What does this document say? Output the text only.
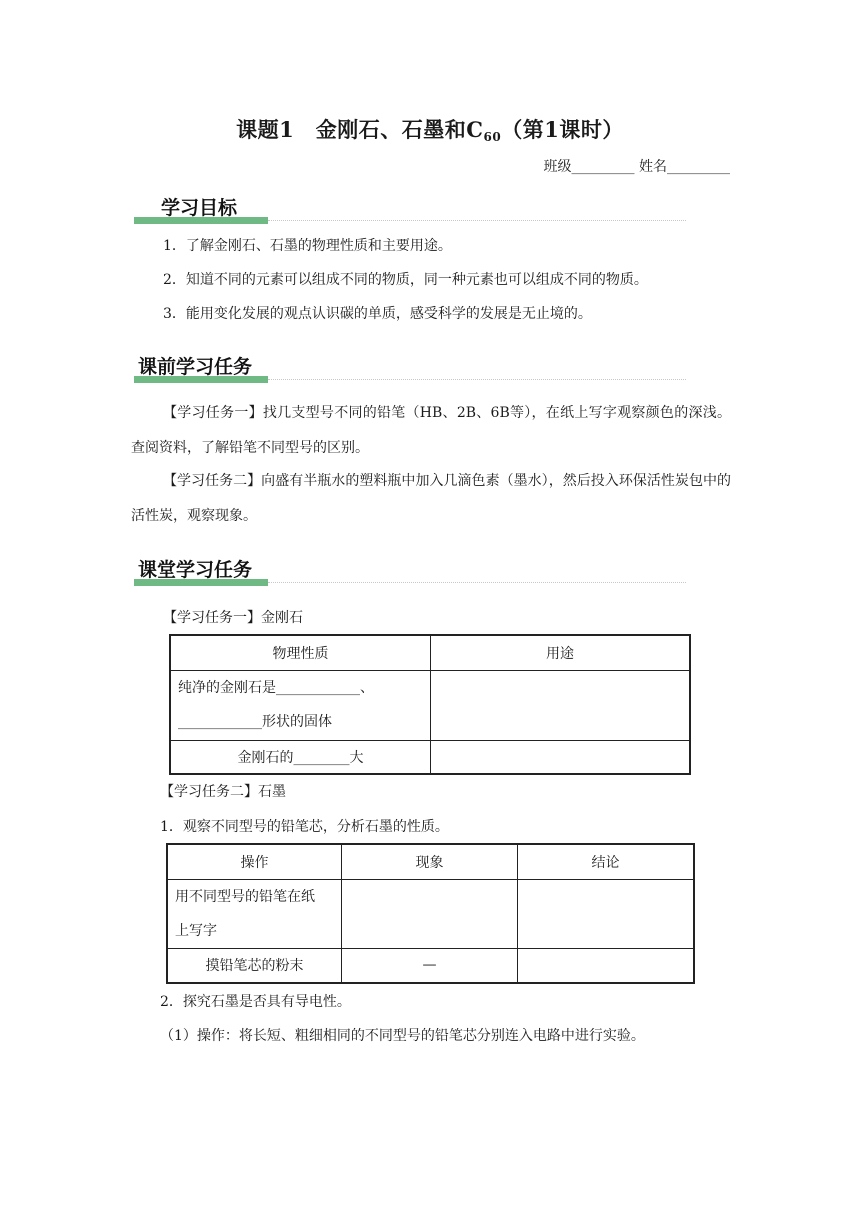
课题1　金刚石、石墨和$C_{60}$（第1课时）
班级_________ 姓名_________
学习目标
1．了解金刚石、石墨的物理性质和主要用途。
2．知道不同的元素可以组成不同的物质，同一种元素也可以组成不同的物质。
3．能用变化发展的观点认识碳的单质，感受科学的发展是无止境的。
课前学习任务
【学习任务一】找几支型号不同的铅笔（HB、2B、6B等），在纸上写字观察颜色的深浅。查阅资料，了解铅笔不同型号的区别。
【学习任务二】向盛有半瓶水的塑料瓶中加入几滴色素（墨水），然后投入环保活性炭包中的活性炭，观察现象。
课堂学习任务
【学习任务一】金刚石
物理性质	用途

纯净的金刚石是____________、
____________形状的固体	

金刚石的________大	
【学习任务二】石墨
1．观察不同型号的铅笔芯，分析石墨的性质。
操作	现象	结论

用不同型号的铅笔在纸
上写字		

摸铅笔芯的粉末	—	
2．探究石墨是否具有导电性。
（1）操作：将长短、粗细相同的不同型号的铅笔芯分别连入电路中进行实验。
